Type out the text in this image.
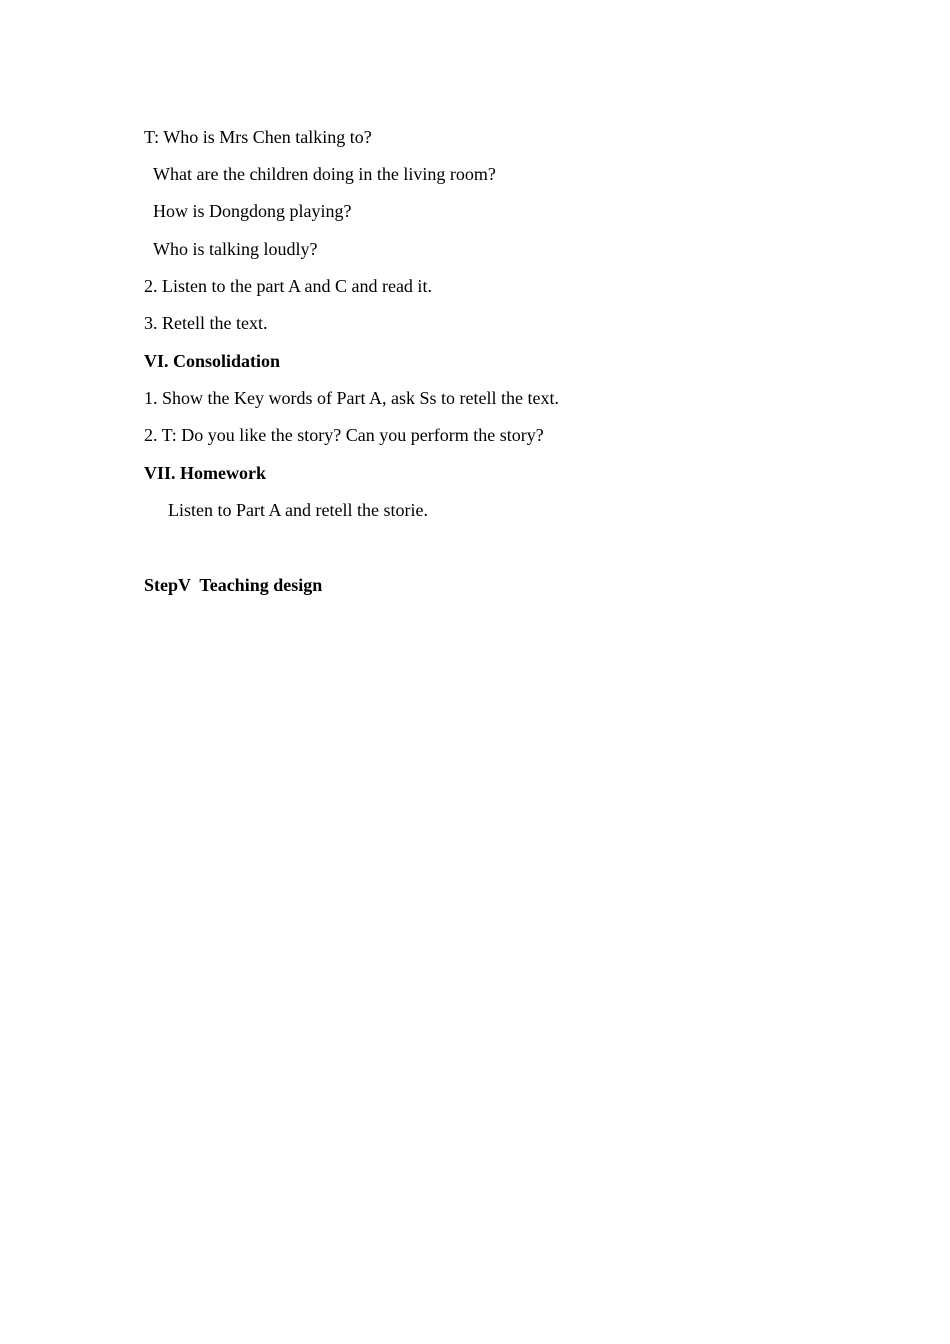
T: Who is Mrs Chen talking to?
What are the children doing in the living room?
How is Dongdong playing?
Who is talking loudly?
2. Listen to the part A and C and read it.
3. Retell the text.
VI. Consolidation
1. Show the Key words of Part A, ask Ss to retell the text.
2. T: Do you like the story? Can you perform the story?
VII. Homework
Listen to Part A and retell the storie.
StepV  Teaching design
